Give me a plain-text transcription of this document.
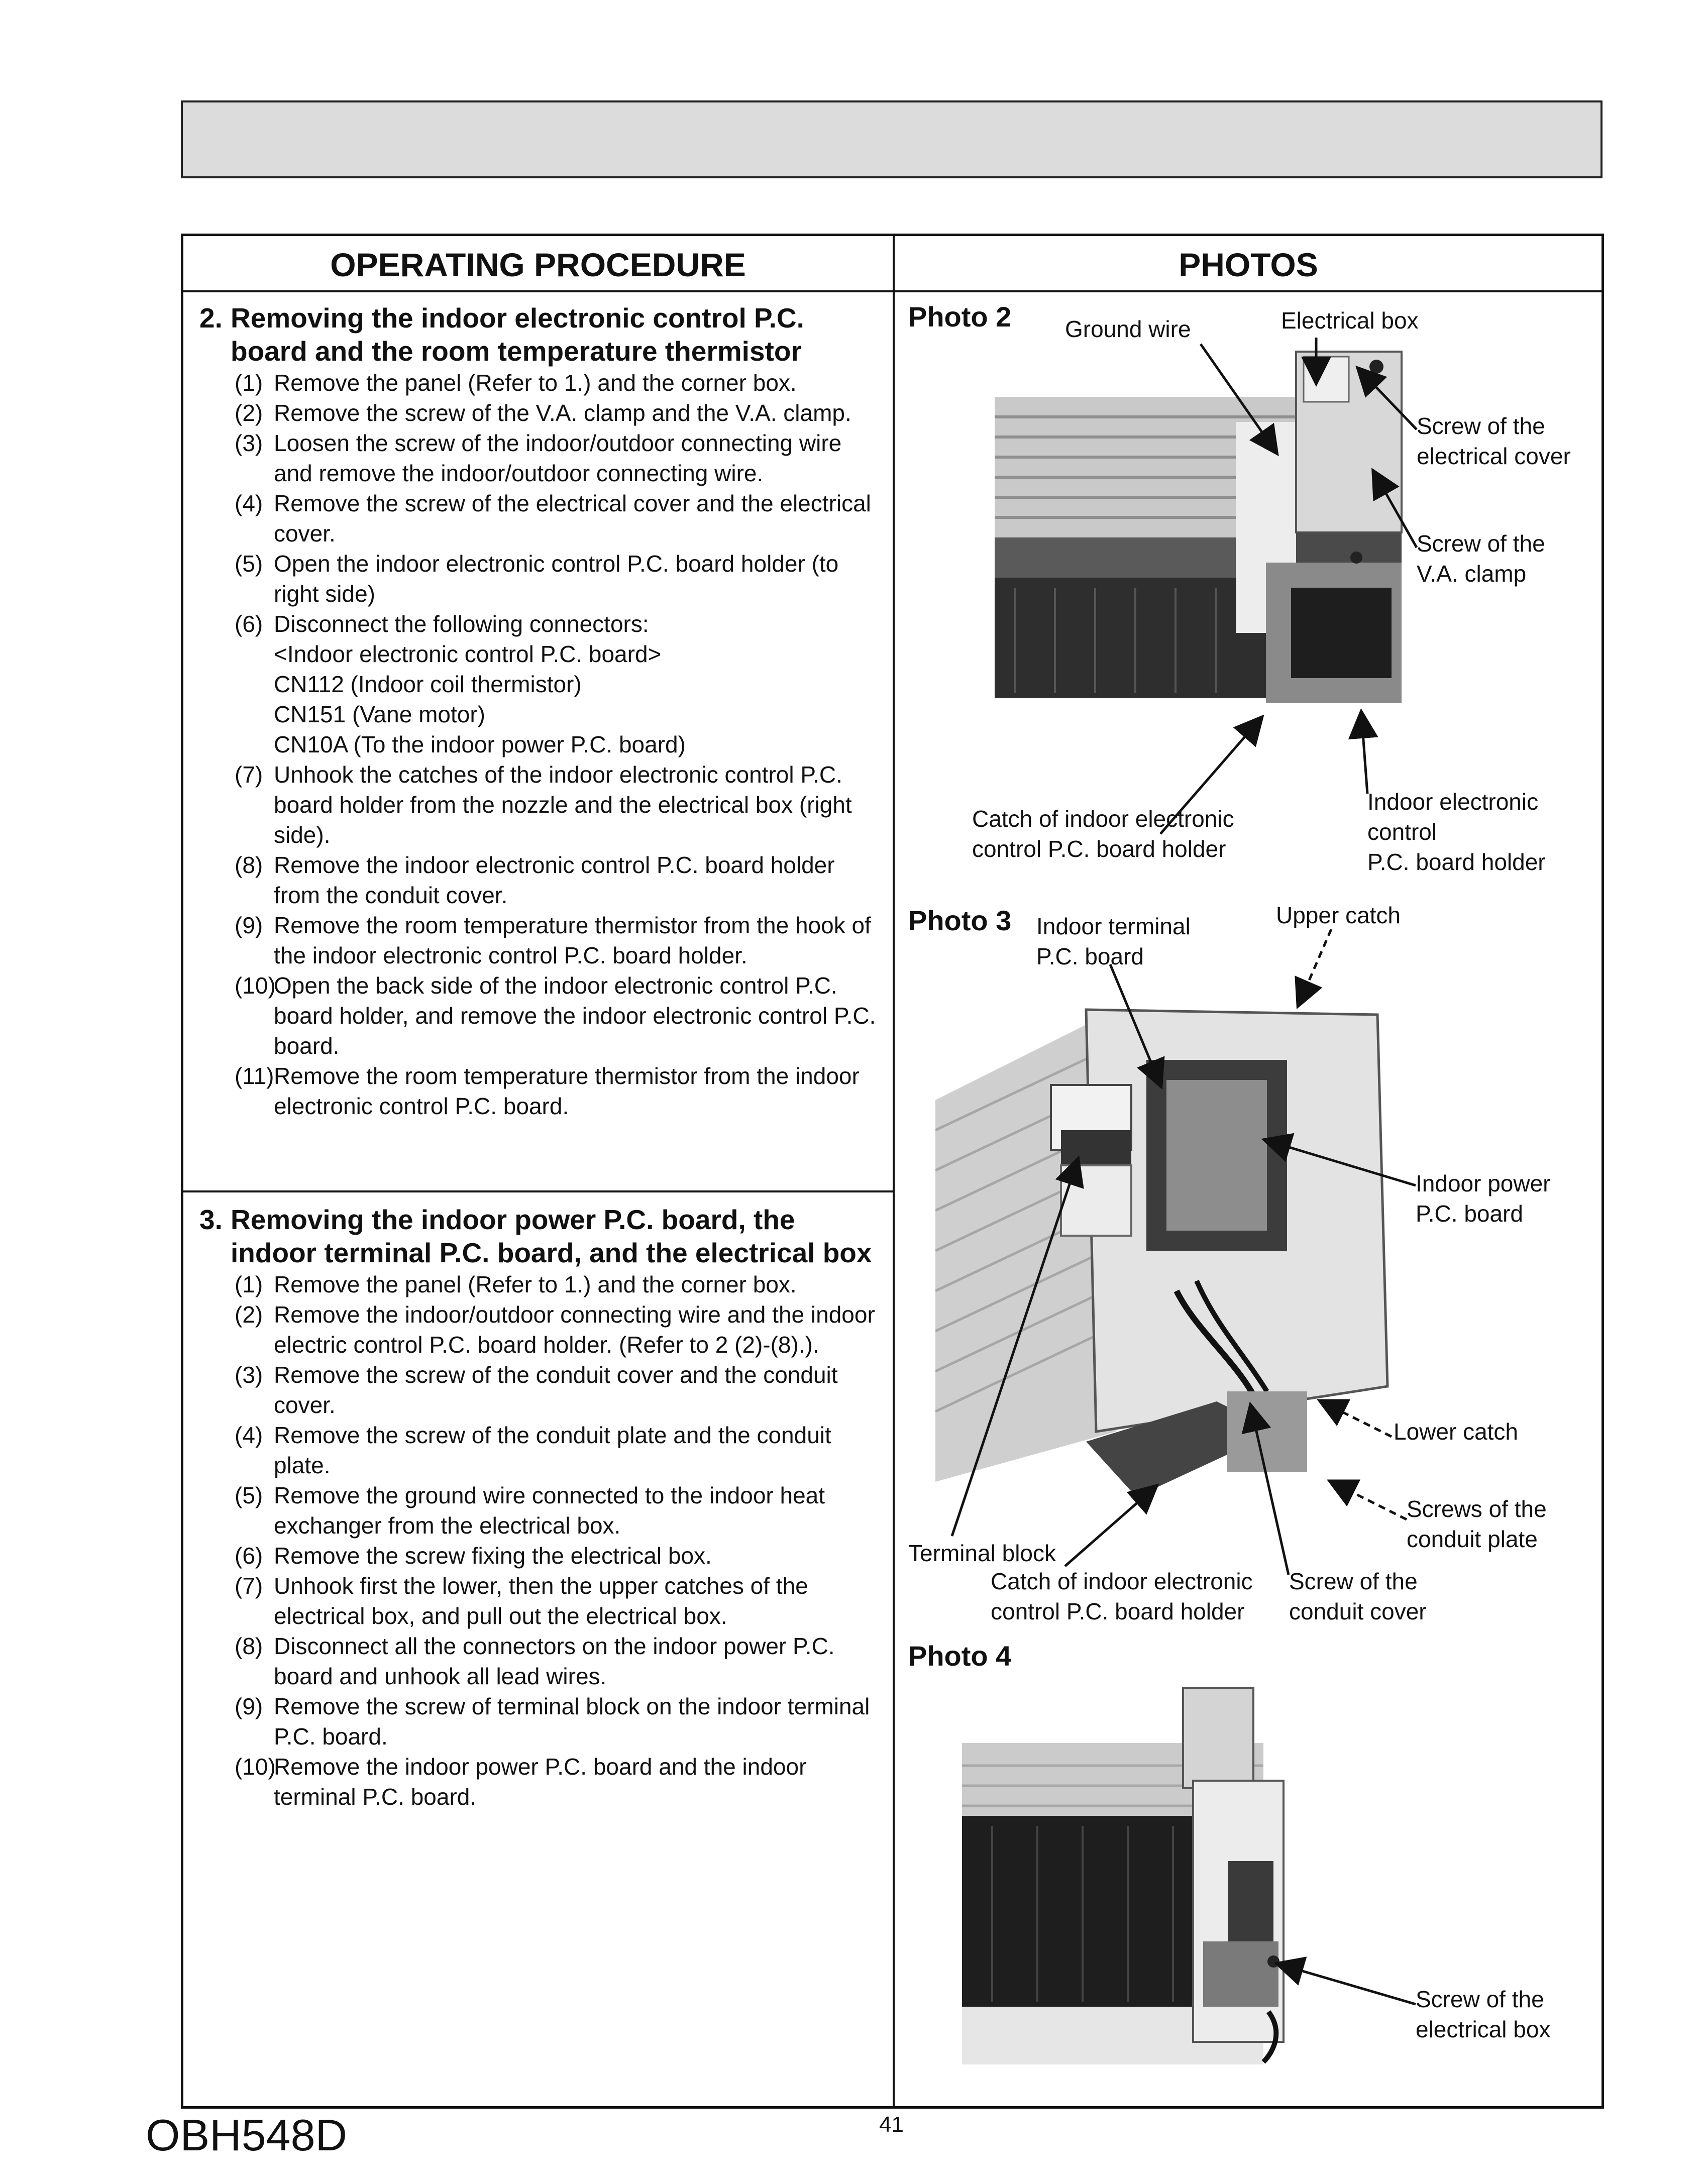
OPERATING PROCEDURE	PHOTOS
2. Removing the indoor electronic control P.C. board and the room temperature thermistor
(1) Remove the panel (Refer to 1.) and the corner box.
(2) Remove the screw of the V.A. clamp and the V.A. clamp.
(3) Loosen the screw of the indoor/outdoor connecting wire and remove the indoor/outdoor connecting wire.
(4) Remove the screw of the electrical cover and the electrical cover.
(5) Open the indoor electronic control P.C. board holder (to right side)
(6) Disconnect the following connectors:
<Indoor electronic control P.C. board>
CN112 (Indoor coil thermistor)
CN151 (Vane motor)
CN10A (To the indoor power P.C. board)
(7) Unhook the catches of the indoor electronic control P.C. board holder from the nozzle and the electrical box (right side).
(8) Remove the indoor electronic control P.C. board holder from the conduit cover.
(9) Remove the room temperature thermistor from the hook of the indoor electronic control P.C. board holder.
(10)
Open the back side of the indoor electronic control P.C. board holder, and remove the indoor electronic control P.C. board.
(11) Remove the room temperature thermistor from the indoor electronic control P.C. board.
3. Removing the indoor power P.C. board, the indoor terminal P.C. board, and the electrical box
(1) Remove the panel (Refer to 1.) and the corner box.
(2) Remove the indoor/outdoor connecting wire and the indoor electric control P.C. board holder. (Refer to 2 (2)-(8).).
(3) Remove the screw of the conduit cover and the conduit cover.
(4) Remove the screw of the conduit plate and the conduit plate.
(5) Remove the ground wire connected to the indoor heat exchanger from the electrical box.
(6) Remove the screw fixing the electrical box.
(7) Unhook first the lower, then the upper catches of the electrical box, and pull out the electrical box.
(8) Disconnect all the connectors on the indoor power P.C. board and unhook all lead wires.
(9) Remove the screw of terminal block on the indoor terminal P.C. board.
(10)
Remove the indoor power P.C. board and the indoor terminal P.C. board.
Photo 2 Ground wire	Electrical box
Screw of the
electrical cover
Screw of the
V.A. clamp
Catch of indoor electronic
control P.C. board holder
Indoor electronic
control
P.C. board holder
Photo 3 Indoor terminal
P.C. board
Upper catch
Indoor power
P.C. board
Lower catch
Screws of the
conduit plate
Terminal block
Catch of indoor electronic
control P.C. board holder
Screw of the
conduit cover
Photo 4
Screw of the
electrical box
OBH548D	41
